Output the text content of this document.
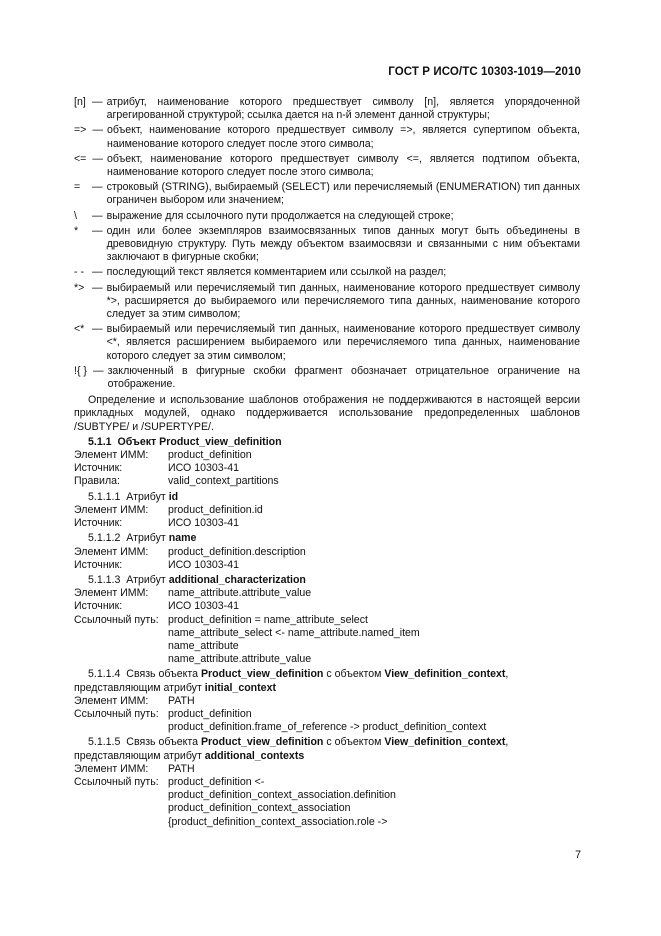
ГОСТ Р ИСО/ТС 10303-1019—2010
[n] — атрибут, наименование которого предшествует символу [n], является упорядоченной агрегированной структурой; ссылка дается на n-й элемент данной структуры;
=> — объект, наименование которого предшествует символу =>, является супертипом объекта, наименование которого следует после этого символа;
<= — объект, наименование которого предшествует символу <=, является подтипом объекта, наименование которого следует после этого символа;
=	— строковый (STRING), выбираемый (SELECT) или перечисляемый (ENUMERATION) тип данных ограничен выбором или значением;
\	— выражение для ссылочного пути продолжается на следующей строке;
*	— один или более экземпляров взаимосвязанных типов данных могут быть объединены в древовидную структуру. Путь между объектом взаимосвязи и связанными с ним объектами заключают в фигурные скобки;
- - — последующий текст является комментарием или ссылкой на раздел;
*> — выбираемый или перечисляемый тип данных, наименование которого предшествует символу *>, расширяется до выбираемого или перечисляемого типа данных, наименование которого следует за этим символом;
<* — выбираемый или перечисляемый тип данных, наименование которого предшествует символу <*, является расширением выбираемого или перечисляемого типа данных, наименование которого следует за этим символом;
!{ } — заключенный в фигурные скобки фрагмент обозначает отрицательное ограничение на отображение.
Определение и использование шаблонов отображения не поддерживаются в настоящей версии прикладных модулей, однако поддерживается использование предопределенных шаблонов /SUBTYPE/ и /SUPERTYPE/.
5.1.1 Объект Product_view_definition
Элемент ИММ:	product_definition
Источник:	ИСО 10303-41
Правила:	valid_context_partitions
5.1.1.1 Атрибут id
Элемент ИММ:	product_definition.id
Источник:	ИСО 10303-41
5.1.1.2 Атрибут name
Элемент ИММ:	product_definition.description
Источник:	ИСО 10303-41
5.1.1.3 Атрибут additional_characterization
Элемент ИММ:	name_attribute.attribute_value
Источник:	ИСО 10303-41
Ссылочный путь: product_definition = name_attribute_select
name_attribute_select <- name_attribute.named_item
name_attribute
name_attribute.attribute_value
5.1.1.4 Связь объекта Product_view_definition с объектом View_definition_context, представляющим атрибут initial_context
Элемент ИММ:	PATH
Ссылочный путь: product_definition
product_definition.frame_of_reference -> product_definition_context
5.1.1.5 Связь объекта Product_view_definition с объектом View_definition_context, представляющим атрибут additional_contexts
Элемент ИММ:	PATH
Ссылочный путь: product_definition <-
product_definition_context_association.definition
product_definition_context_association
{product_definition_context_association.role ->
7
